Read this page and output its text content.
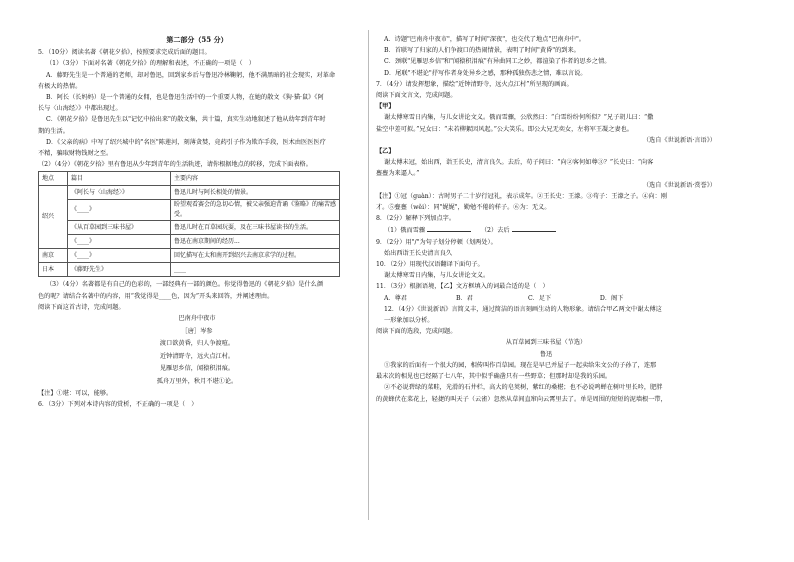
第二部分（55 分）
5．（10分）阅读名著《朝花夕拾》，按照要求完成后面的题目。
（1）（3分）下面对名著《朝花夕拾》的理解和表述，不正确的一项是（　）
A．藤野先生是一个普通的老师，却对鲁迅，回到家乡后与鲁迅冷林鞠躬，他不满黑暗的社会现实，对革命
有极大的热情。
B．阿长（长妈妈）是一个普通的女佣，也是鲁迅生活中的一个重要人物，在她的散文《狗·猫·鼠》《阿
长与〈山海经〉》中都出现过。
C．《朝花夕拾》是鲁迅先生以"记忆中拾出来"的散文集，共十篇，真实生动地叙述了他从幼年到青年时
期的生活。
D．《父亲的病》中写了绍兴城中的"名医"陈莲河，刻薄贪婪，竟药引子作为欺诈手段，医术由医医医疗
不精，骗取财物钱财之至。
（2）（4分）《朝花夕拾》里有鲁迅从少年到青年的生活轨迹，请你根据地点的转移，完成下面表格。
地点	篇目	主要内容
绍兴	《阿长与〈山海经〉》	鲁迅儿时与阿长相处的情景。
	《____》	盼望观看赛会的急切心情，被父亲强迫背诵《鉴略》的痛苦感受。
	《从百草园到三味书屋》	鲁迅儿时在百草园玩耍，及在三味书屋读书的生活。
	《____》	鲁迅在南京期间的经历...
南京	《____》	回忆描写在太和南开到绍兴去南京求学的过程。
日本	《藤野先生》	____
（3）（4分）名著都是有自己的色彩的，一部经典有一部的颜色。你觉得鲁迅的《朝花夕拾》是什么颜
色的呢？请结合名著中的内容，用“我觉得是____色，因为”开头来回答，并阐述理由。
阅读下面这首古诗，完成问题。
巴南舟中夜市
［唐］岑参
渡口欲黄昏，归人争渡喧。
近钟清野寺，远火点江村。
见雁思乡信，闻猿积泪痕。
孤舟万里外，秋月不堪①论。
【注】①堪：可以，能够。
6．（3分）下列对本诗内容的赏析，不正确的一项是（　）
A．诗题"巴南舟中夜市"，描写了时间"深夜"，也交代了地点"巴南舟中"。
B．首联写了归家的人们争渡口的热闹情景，表明了时间"黄昏"的到来。
C．颈联"见雁思乡信"和"闻猿积泪痕"有异曲同工之妙，都渲染了作者的思乡之情。
D．尾联"不堪论"抒写作者身处异乡之感，那种孤独伤悲之情，难以言说。
7．（4分）请发挥想象，描绘“近钟清野寺，远火点江村”所呈现的画面。
阅读下面文言文，完成问题。
【甲】
谢太傅寒雪日内集，与儿女讲论文义。俄而雪骤，公欣然曰：“白雪纷纷何所似？”兄子胡儿曰：“撒
盐空中差可拟。”兄女曰：“未若柳絮因风起。”公大笑乐。即公大兄无奕女，左将军王凝之妻也。
（选自《世说新语·言语》）
【乙】
谢太傅未冠，始出西，诣王长史，清言良久。去后，苟子问曰：“向②客何如尊③？”长史曰：“向客
亹亹为来逼人。”
（选自《世说新语·赏誉》）
【注】①冠（guàn）：古时男子二十岁行冠礼，表示成年。②王长史：王濛。③苟子：王濛之子。④向：刚
才。⑤亹亹（wěi）：同"娓娓"，勤勉不倦的样子。⑥为：无义。
8．（2分）解释下列加点字。
（1）俄而雪骤	（2）去后
9．（2分）用"/"为句子划分停顿（划两处）。
始出西诣王长史清言良久
10．（2分）用现代汉语翻译下面句子。
谢太傅寒雪日内集，与儿女讲论文义。
11．（3分）根据语境，【乙】文方框填入的词最合适的是（　）
A．尊君	B．君	C．足下	D．阁下
12．（4分）《世说新语》言简义丰，通过简洁的语言刻画生动的人物形象。请结合甲乙两文中谢太傅这
一形象加以分析。
阅读下面的选段，完成问题。
从百草园到三味书屋（节选）
鲁迅
①我家的后面有一个很大的园，相传叫作百草园。现在是早已并屋子一起卖给朱文公的子孙了，连那
最末次的相见也已经隔了七八年，其中似乎确凿只有一些野草；但那时却是我的乐园。
②不必说碧绿的菜畦，光滑的石井栏，高大的皂荚树，紫红的桑椹；也不必说鸣蝉在树叶里长吟，肥胖
的黄蜂伏在菜花上，轻捷的叫天子（云雀）忽然从草间直窜向云霄里去了。单是周围的短短的泥墙根一带，
